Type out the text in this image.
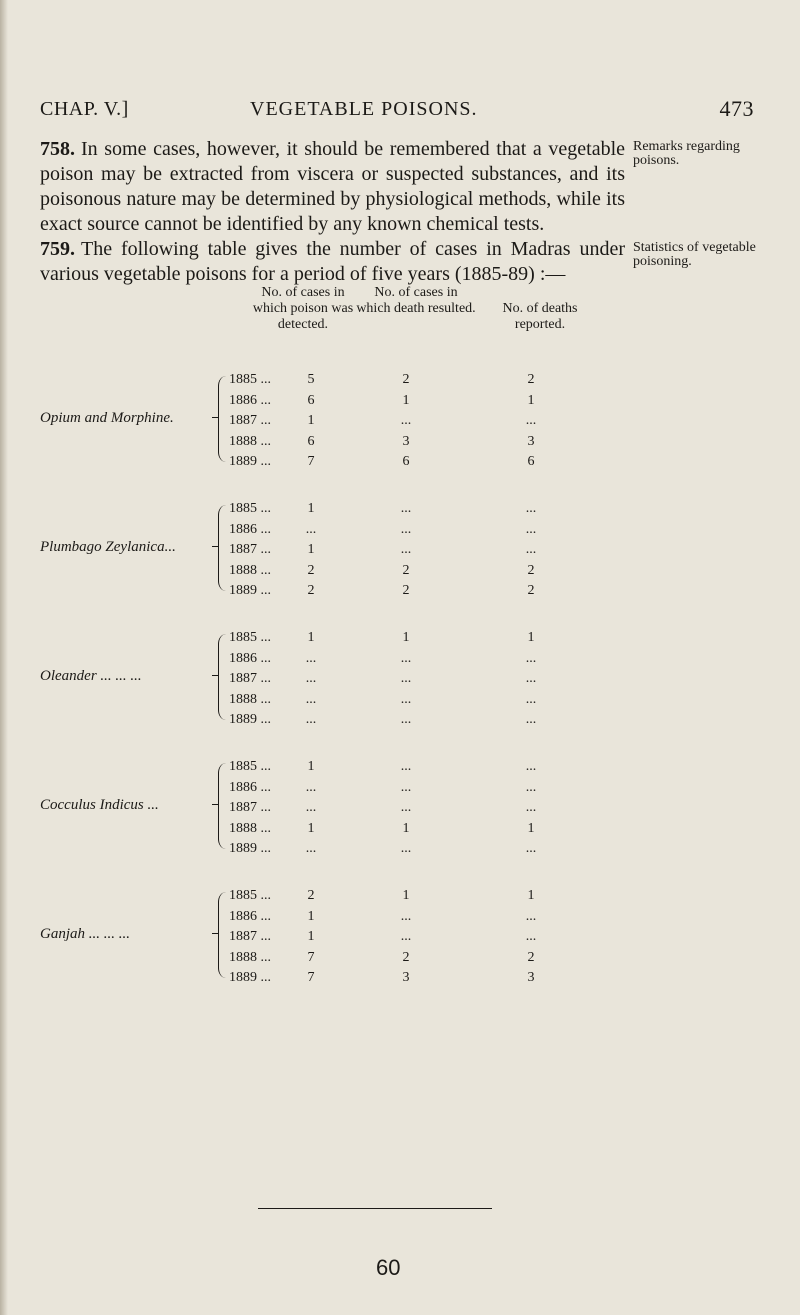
CHAP. V.]	VEGETABLE POISONS.	473
758. In some cases, however, it should be remembered that a vegetable poison may be extracted from viscera or suspected substances, and its poisonous nature may be determined by physiological methods, while its exact source cannot be identified by any known chemical tests.
Remarks regarding poisons.
759. The following table gives the number of cases in Madras under various vegetable poisons for a period of five years (1885-89) :—
Statistics of vegetable poisoning.
No. of cases in which poison was detected.
No. of cases in which death resulted.	No. of deaths reported.
Opium and Morphine.
1885 ...	5	2	2
1886 ...	6	1	1
1887 ...	1	...	...
1888 ...	6	3	3
1889 ...	7	6	6
Plumbago Zeylanica...
1885 ...	1	...	...
1886 ...	...	...	...
1887 ...	1	...	...
1888 ...	2	2	2
1889 ...	2	2	2
Oleander ... ... ...
1885 ...	1	1	1
1886 ...	...	...	...
1887 ...	...	...	...
1888 ...	...	...	...
1889 ...	...	...	...
Cocculus Indicus ...
1885 ...	1	...	...
1886 ...	...	...	...
1887 ...	...	...	...
1888 ...	1	1	1
1889 ...	...	...	...
Ganjah ... ... ...
1885 ...	2	1	1
1886 ...	1	...	...
1887 ...	1	...	...
1888 ...	7	2	2
1889 ...	7	3	3
60
